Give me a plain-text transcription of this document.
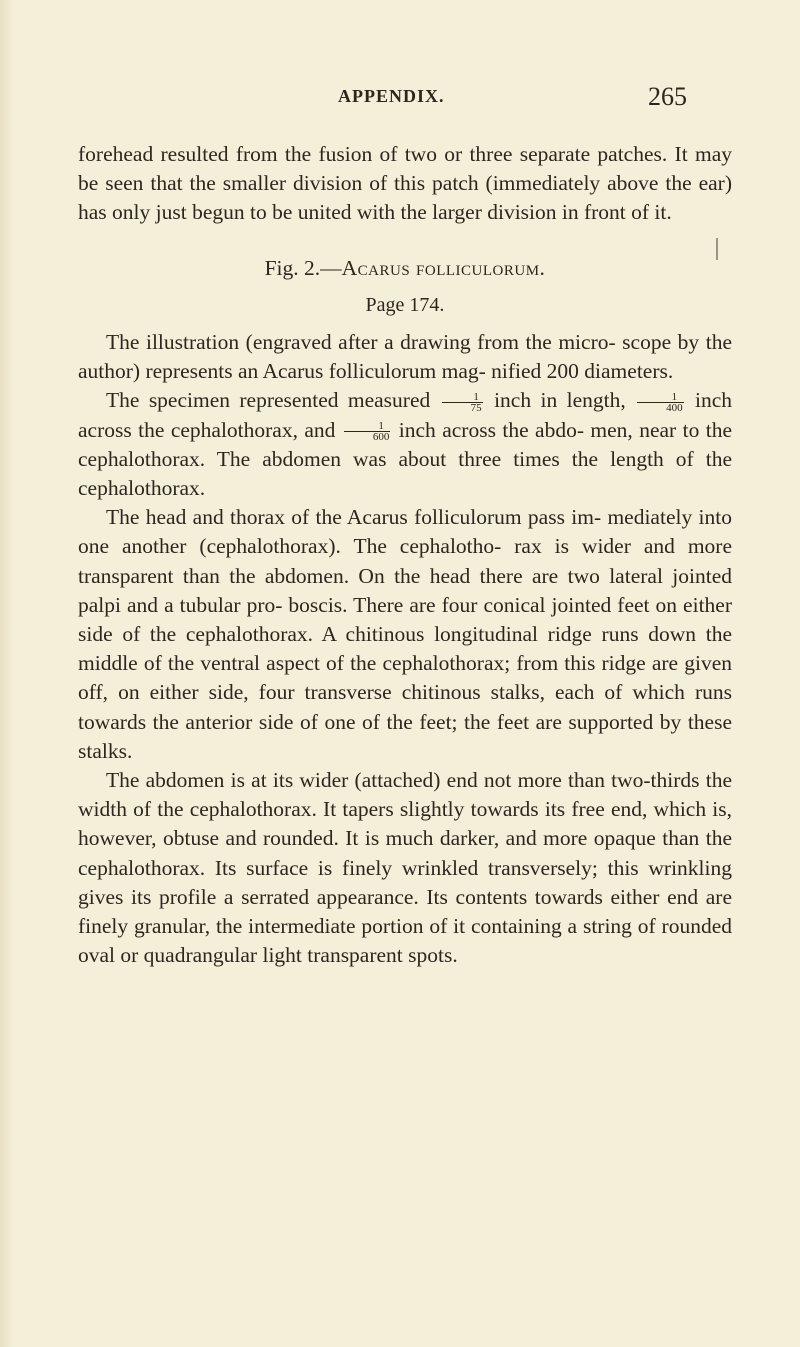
APPENDIX.	265

forehead resulted from the fusion of two or three separate patches. It may be seen that the smaller division of this patch (immediately above the ear) has only just begun to be united with the larger division in front of it.

Fig. 2.—Acarus folliculorum.

Page 174.

The illustration (engraved after a drawing from the micro- scope by the author) represents an Acarus folliculorum mag- nified 200 diameters.

The specimen represented measured $\frac{1}{75}$ inch in length, $\frac{1}{400}$ inch across the cephalothorax, and $\frac{1}{600}$ inch across the abdo- men, near to the cephalothorax. The abdomen was about three times the length of the cephalothorax.

The head and thorax of the Acarus folliculorum pass im- mediately into one another (cephalothorax). The cephalotho- rax is wider and more transparent than the abdomen. On the head there are two lateral jointed palpi and a tubular pro- boscis. There are four conical jointed feet on either side of the cephalothorax. A chitinous longitudinal ridge runs down the middle of the ventral aspect of the cephalothorax; from this ridge are given off, on either side, four transverse chitinous stalks, each of which runs towards the anterior side of one of the feet; the feet are supported by these stalks.

The abdomen is at its wider (attached) end not more than two-thirds the width of the cephalothorax. It tapers slightly towards its free end, which is, however, obtuse and rounded. It is much darker, and more opaque than the cephalothorax. Its surface is finely wrinkled transversely; this wrinkling gives its profile a serrated appearance. Its contents towards either end are finely granular, the intermediate portion of it containing a string of rounded oval or quadrangular light transparent spots.
